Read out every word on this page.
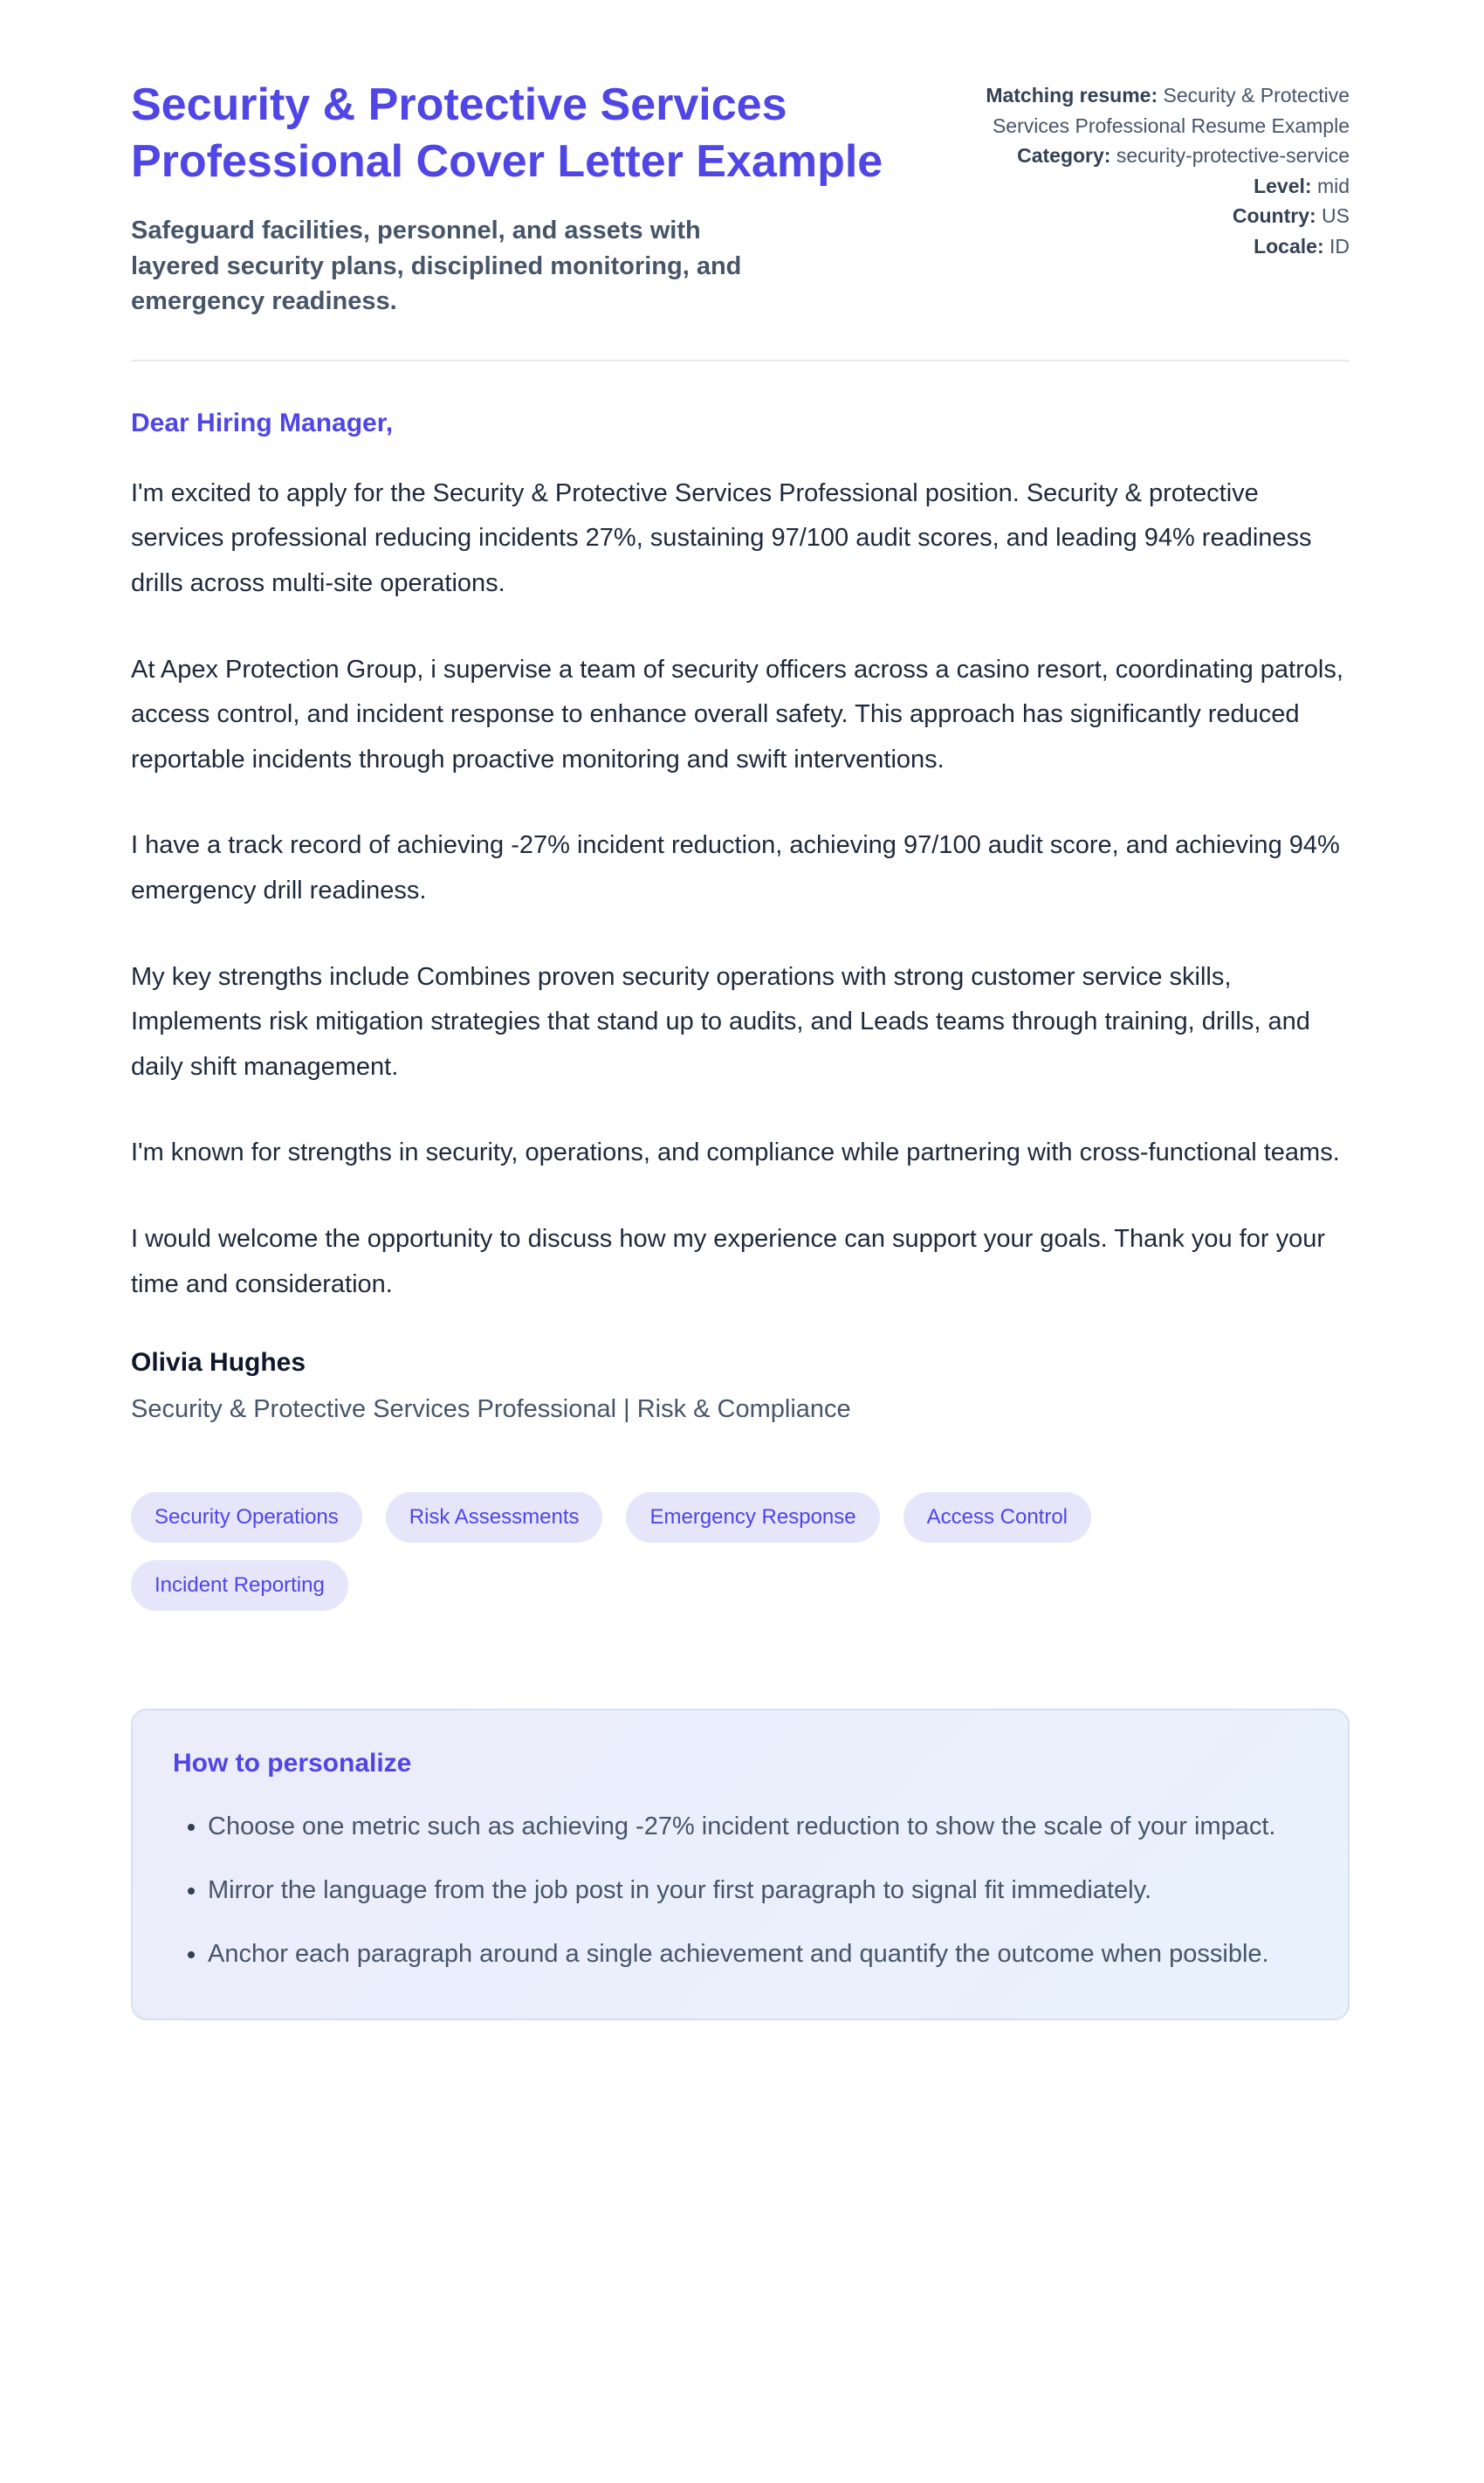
Security & Protective Services Professional Cover Letter Example

Safeguard facilities, personnel, and assets with layered security plans, disciplined monitoring, and emergency readiness.

Matching resume: Security & Protective Services Professional Resume Example
Category: security-protective-service
Level: mid
Country: US
Locale: ID

Dear Hiring Manager,

I'm excited to apply for the Security & Protective Services Professional position. Security & protective services professional reducing incidents 27%, sustaining 97/100 audit scores, and leading 94% readiness drills across multi-site operations.

At Apex Protection Group, i supervise a team of security officers across a casino resort, coordinating patrols, access control, and incident response to enhance overall safety. This approach has significantly reduced reportable incidents through proactive monitoring and swift interventions.

I have a track record of achieving -27% incident reduction, achieving 97/100 audit score, and achieving 94% emergency drill readiness.

My key strengths include Combines proven security operations with strong customer service skills, Implements risk mitigation strategies that stand up to audits, and Leads teams through training, drills, and daily shift management.

I'm known for strengths in security, operations, and compliance while partnering with cross-functional teams.

I would welcome the opportunity to discuss how my experience can support your goals. Thank you for your time and consideration.

Olivia Hughes

Security & Protective Services Professional | Risk & Compliance

Security Operations	Risk Assessments	Emergency Response	Access Control
Incident Reporting
How to personalize
• Choose one metric such as achieving -27% incident reduction to show the scale of your impact.
• Mirror the language from the job post in your first paragraph to signal fit immediately.
• Anchor each paragraph around a single achievement and quantify the outcome when possible.
